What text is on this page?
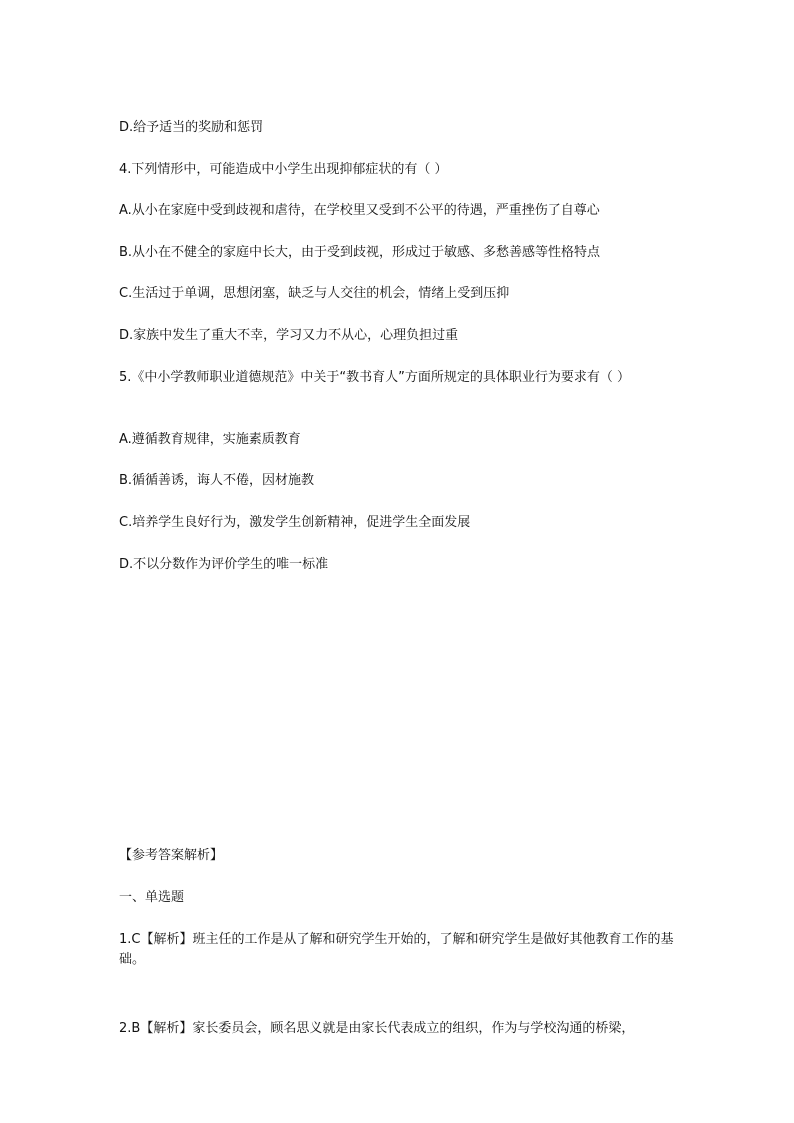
D.给予适当的奖励和惩罚

4.下列情形中，可能造成中小学生出现抑郁症状的有（ ）

A.从小在家庭中受到歧视和虐待，在学校里又受到不公平的待遇，严重挫伤了自尊心

B.从小在不健全的家庭中长大，由于受到歧视，形成过于敏感、多愁善感等性格特点

C.生活过于单调，思想闭塞，缺乏与人交往的机会，情绪上受到压抑

D.家族中发生了重大不幸，学习又力不从心，心理负担过重

5.《中小学教师职业道德规范》中关于“教书育人”方面所规定的具体职业行为要求有（ ）

A.遵循教育规律，实施素质教育

B.循循善诱，诲人不倦，因材施教

C.培养学生良好行为，激发学生创新精神，促进学生全面发展

D.不以分数作为评价学生的唯一标准

【参考答案解析】

一、单选题

1.C【解析】班主任的工作是从了解和研究学生开始的，了解和研究学生是做好其他教育工作的基础。

2.B【解析】家长委员会，顾名思义就是由家长代表成立的组织，作为与学校沟通的桥梁，
